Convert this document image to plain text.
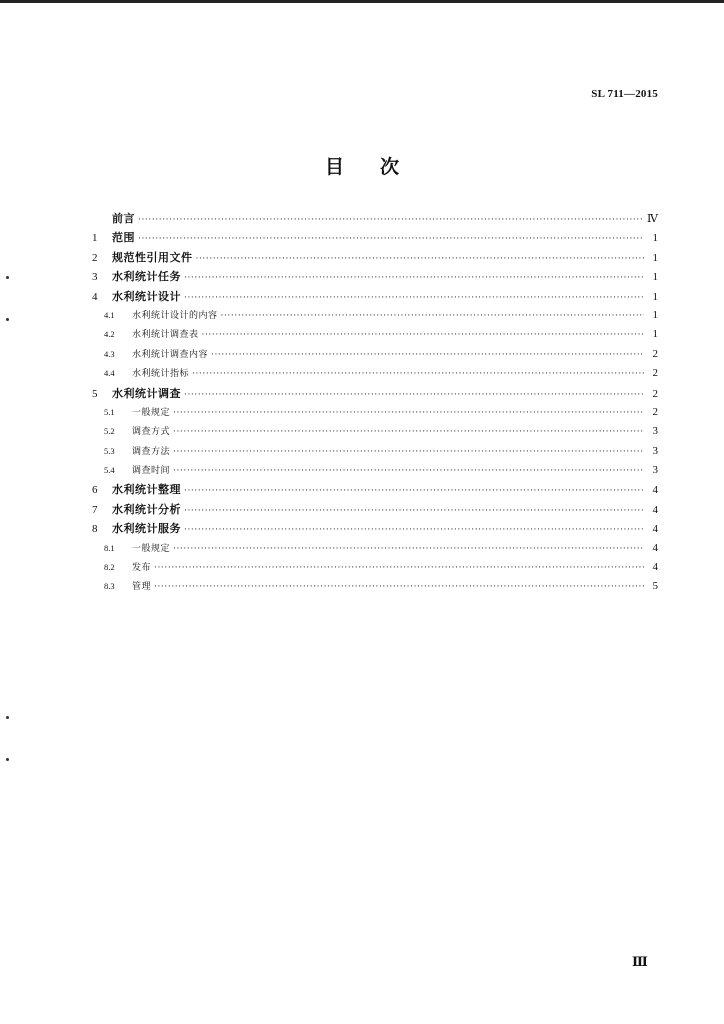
SL 711—2015
目次
前言 ·····	Ⅳ
1	范围 ·····	1
2	规范性引用文件 ·····	1
3	水利统计任务 ·····	1
4	水利统计设计 ·····	1
4.1	水利统计设计的内容 ·····	1
4.2	水利统计调查表 ·····	1
4.3	水利统计调查内容 ·····	2
4.4	水利统计指标 ·····	2
5	水利统计调查 ·····	2
5.1	一般规定 ·····	2
5.2	调查方式 ·····	3
5.3	调查方法 ·····	3
5.4	调查时间 ·····	3
6	水利统计整理 ·····	4
7	水利统计分析 ·····	4
8	水利统计服务 ·····	4
8.1	一般规定 ·····	4
8.2	发布 ·····	4
8.3	管理 ·····	5
Ⅲ
